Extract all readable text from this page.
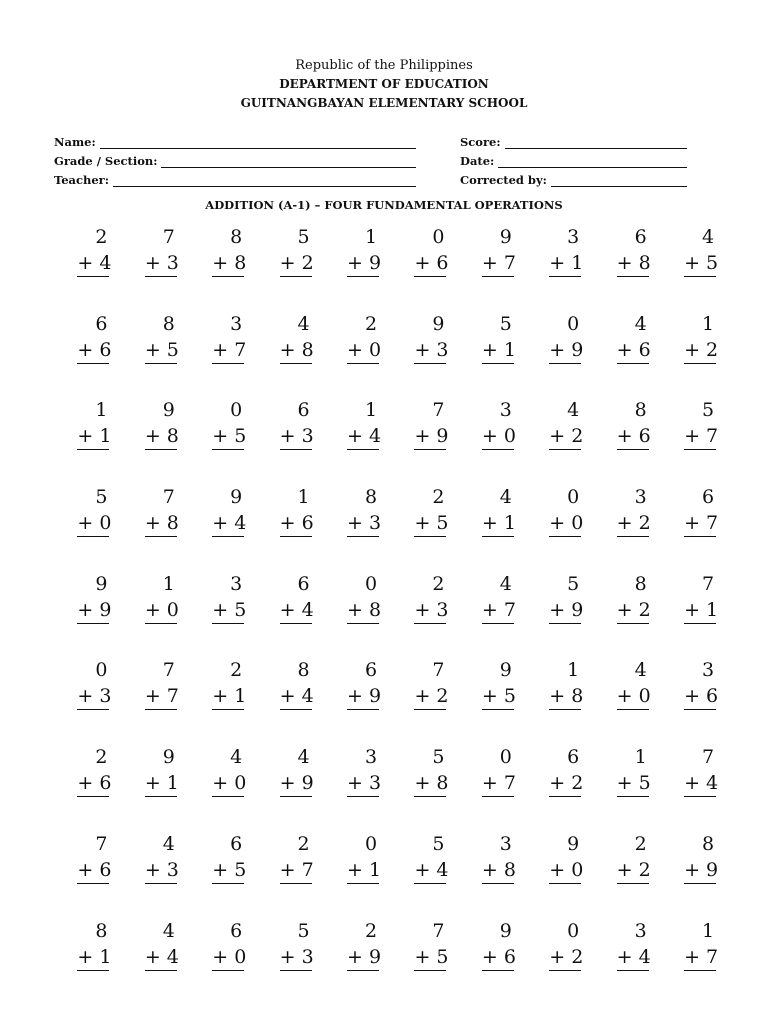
Republic of the Philippines
DEPARTMENT OF EDUCATION
GUITNANGBAYAN ELEMENTARY SCHOOL
Name:
Grade / Section:
Teacher:
Score:
Date:
Corrected by:
ADDITION (A-1) – FOUR FUNDAMENTAL OPERATIONS
2
+ 4
7
+ 3
8
+ 8
5
+ 2
1
+ 9
0
+ 6
9
+ 7
3
+ 1
6
+ 8
4
+ 5
6
+ 6
8
+ 5
3
+ 7
4
+ 8
2
+ 0
9
+ 3
5
+ 1
0
+ 9
4
+ 6
1
+ 2
1
+ 1
9
+ 8
0
+ 5
6
+ 3
1
+ 4
7
+ 9
3
+ 0
4
+ 2
8
+ 6
5
+ 7
5
+ 0
7
+ 8
9
+ 4
1
+ 6
8
+ 3
2
+ 5
4
+ 1
0
+ 0
3
+ 2
6
+ 7
9
+ 9
1
+ 0
3
+ 5
6
+ 4
0
+ 8
2
+ 3
4
+ 7
5
+ 9
8
+ 2
7
+ 1
0
+ 3
7
+ 7
2
+ 1
8
+ 4
6
+ 9
7
+ 2
9
+ 5
1
+ 8
4
+ 0
3
+ 6
2
+ 6
9
+ 1
4
+ 0
4
+ 9
3
+ 3
5
+ 8
0
+ 7
6
+ 2
1
+ 5
7
+ 4
7
+ 6
4
+ 3
6
+ 5
2
+ 7
0
+ 1
5
+ 4
3
+ 8
9
+ 0
2
+ 2
8
+ 9
8
+ 1
4
+ 4
6
+ 0
5
+ 3
2
+ 9
7
+ 5
9
+ 6
0
+ 2
3
+ 4
1
+ 7
